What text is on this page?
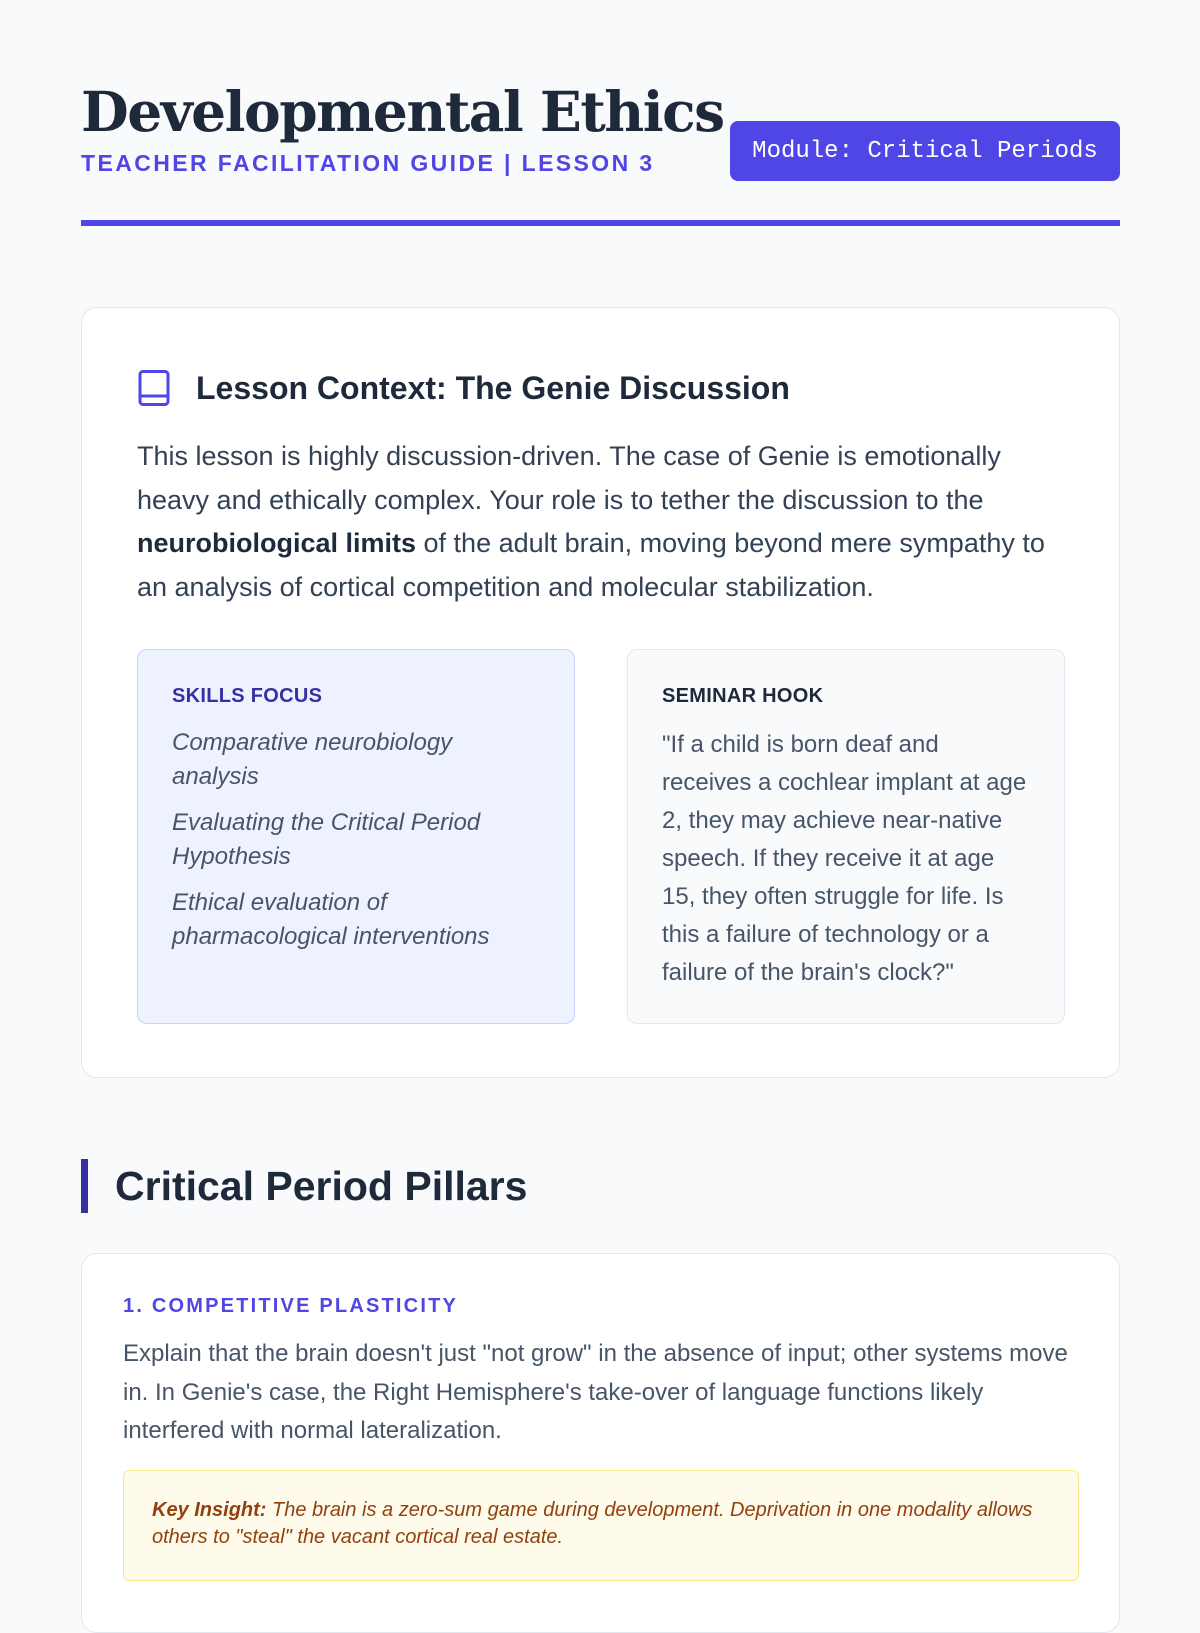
Developmental Ethics
TEACHER FACILITATION GUIDE | LESSON 3	Module: Critical Periods
Lesson Context: The Genie Discussion

This lesson is highly discussion-driven. The case of Genie is emotionally heavy and ethically complex. Your role is to tether the discussion to the neurobiological limits of the adult brain, moving beyond mere sympathy to an analysis of cortical competition and molecular stabilization.

SKILLS FOCUS
Comparative neurobiology analysis
Evaluating the Critical Period Hypothesis
Ethical evaluation of pharmacological interventions
SEMINAR HOOK

"If a child is born deaf and receives a cochlear implant at age 2, they may achieve near-native speech. If they receive it at age 15, they often struggle for life. Is this a failure of technology or a failure of the brain's clock?"

Critical Period Pillars
1. COMPETITIVE PLASTICITY

Explain that the brain doesn't just "not grow" in the absence of input; other systems move in. In Genie's case, the Right Hemisphere's take-over of language functions likely interfered with normal lateralization.

Key Insight: The brain is a zero-sum game during development. Deprivation in one modality allows others to "steal" the vacant cortical real estate.
